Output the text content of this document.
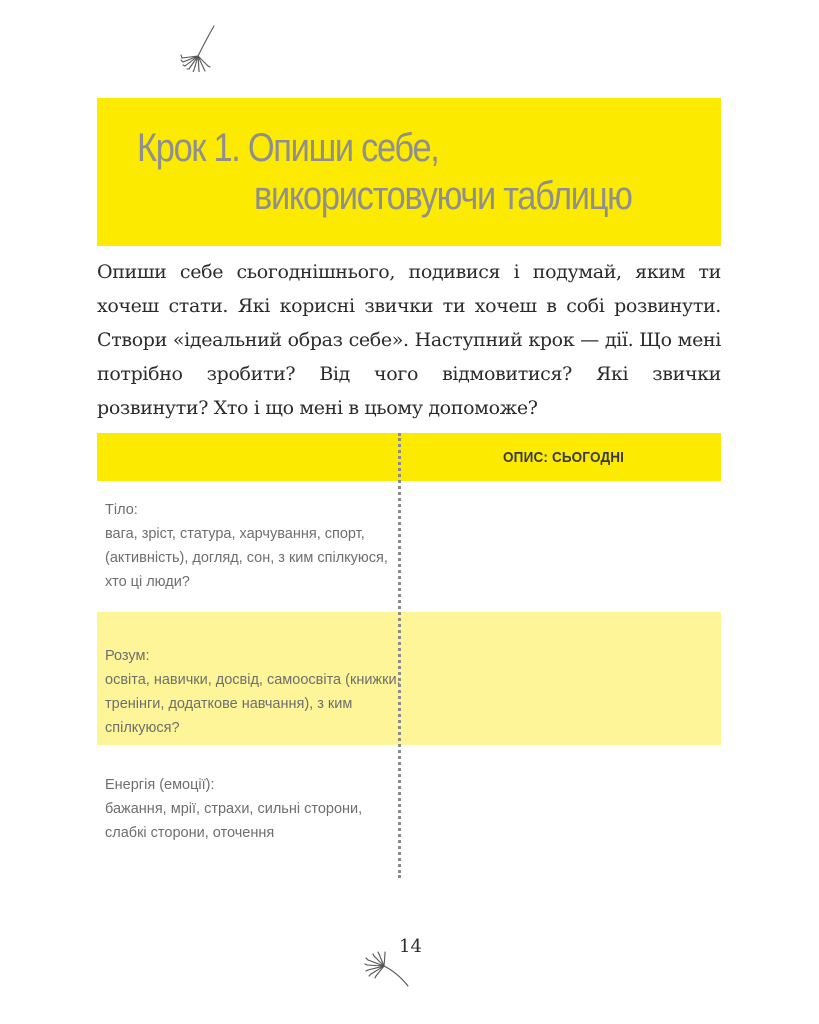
Крок 1. Опиши себе,
використовуючи таблицю
Опиши себе сьогоднішнього, подивися і подумай, яким ти хочеш стати. Які корисні звички ти хочеш в собі розвинути. Створи «ідеальний образ себе». Наступний крок — дії. Що мені потрібно зробити? Від чого відмовитися? Які звички розвинути? Хто і що мені в цьому допоможе?
ОПИС: СЬОГОДНІ
Тіло:
вага, зріст, статура, харчування, спорт, (активність), догляд, сон, з ким спілкуюся, хто ці люди?
Розум:
освіта, навички, досвід, самоосвіта (книжки, тренінги, додаткове навчання), з ким спілкуюся?
Енергія (емоції):
бажання, мрії, страхи, сильні сторони, слабкі сторони, оточення
14
